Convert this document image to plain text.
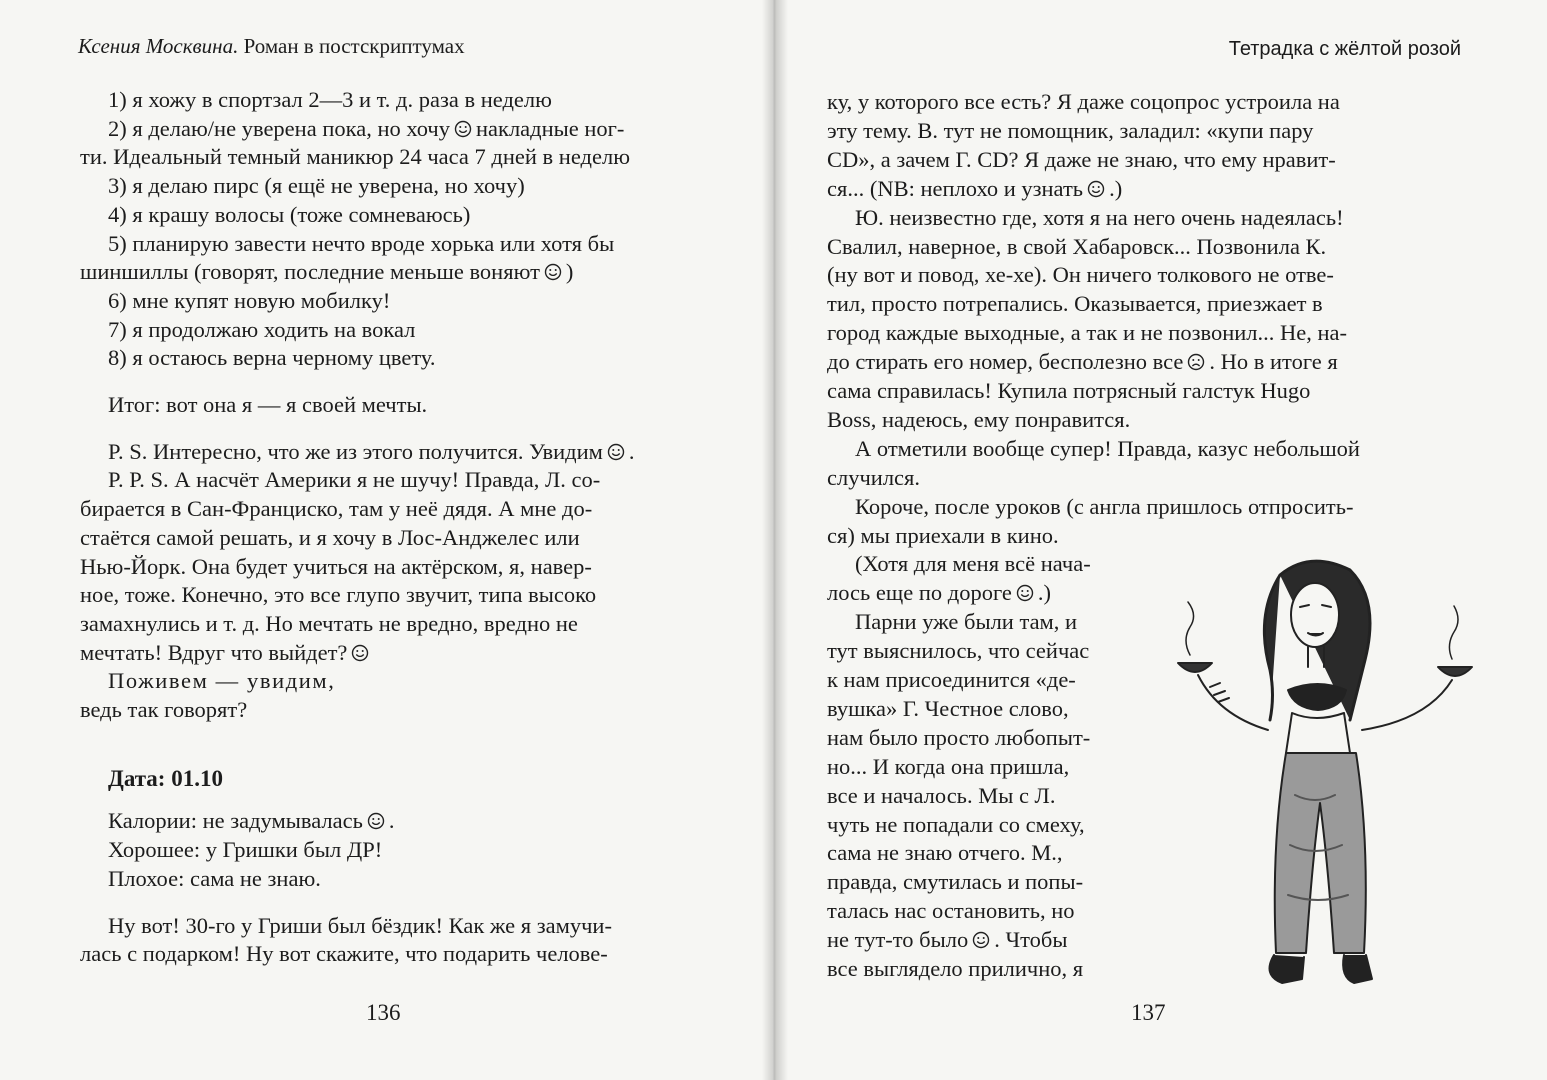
Ксения Москвина. Роман в постскриптумах
1) я хожу в спортзал 2—3 и т. д. раза в неделю
2) я делаю/не уверена пока, но хочу накладные ног-
ти. Идеальный темный маникюр 24 часа 7 дней в неделю
3) я делаю пирс (я ещё не уверена, но хочу)
4) я крашу волосы (тоже сомневаюсь)
5) планирую завести нечто вроде хорька или хотя бы
шиншиллы (говорят, последние меньше воняют )
6) мне купят новую мобилку!
7) я продолжаю ходить на вокал
8) я остаюсь верна черному цвету.
Итог: вот она я — я своей мечты.
P. S. Интересно, что же из этого получится. Увидим .
P. P. S. А насчёт Америки я не шучу! Правда, Л. со-
бирается в Сан-Франциско, там у неё дядя. А мне до-
стаётся самой решать, и я хочу в Лос-Анджелес или
Нью-Йорк. Она будет учиться на актёрском, я, навер-
ное, тоже. Конечно, это все глупо звучит, типа высоко
замахнулись и т. д. Но мечтать не вредно, вредно не
мечтать! Вдруг что выйдет?
Поживем — увидим,
ведь так говорят?
Дата: 01.10
Калории: не задумывалась .
Хорошее: у Гришки был ДР!
Плохое: сама не знаю.
Ну вот! 30-го у Гриши был бёздик! Как же я замучи-
лась с подарком! Ну вот скажите, что подарить челове-
136
Тетрадка с жёлтой розой
ку, у которого все есть? Я даже соцопрос устроила на
эту тему. В. тут не помощник, заладил: «купи пару
CD», а зачем Г. CD? Я даже не знаю, что ему нравит-
ся... (NB: неплохо и узнать .)
Ю. неизвестно где, хотя я на него очень надеялась!
Свалил, наверное, в свой Хабаровск... Позвонила К.
(ну вот и повод, хе-хе). Он ничего толкового не отве-
тил, просто потрепались. Оказывается, приезжает в
город каждые выходные, а так и не позвонил... Не, на-
до стирать его номер, бесполезно все . Но в итоге я
сама справилась! Купила потрясный галстук Hugo
Boss, надеюсь, ему понравится.
А отметили вообще супер! Правда, казус небольшой
случился.
Короче, после уроков (с англа пришлось отпросить-
ся) мы приехали в кино.
(Хотя для меня всё нача-
лось еще по дороге .)
Парни уже были там, и
тут выяснилось, что сейчас
к нам присоединится «де-
вушка» Г. Честное слово,
нам было просто любопыт-
но... И когда она пришла,
все и началось. Мы с Л.
чуть не попадали со смеху,
сама не знаю отчего. М.,
правда, смутилась и попы-
талась нас остановить, но
не тут-то было . Чтобы
все выглядело прилично, я
137
